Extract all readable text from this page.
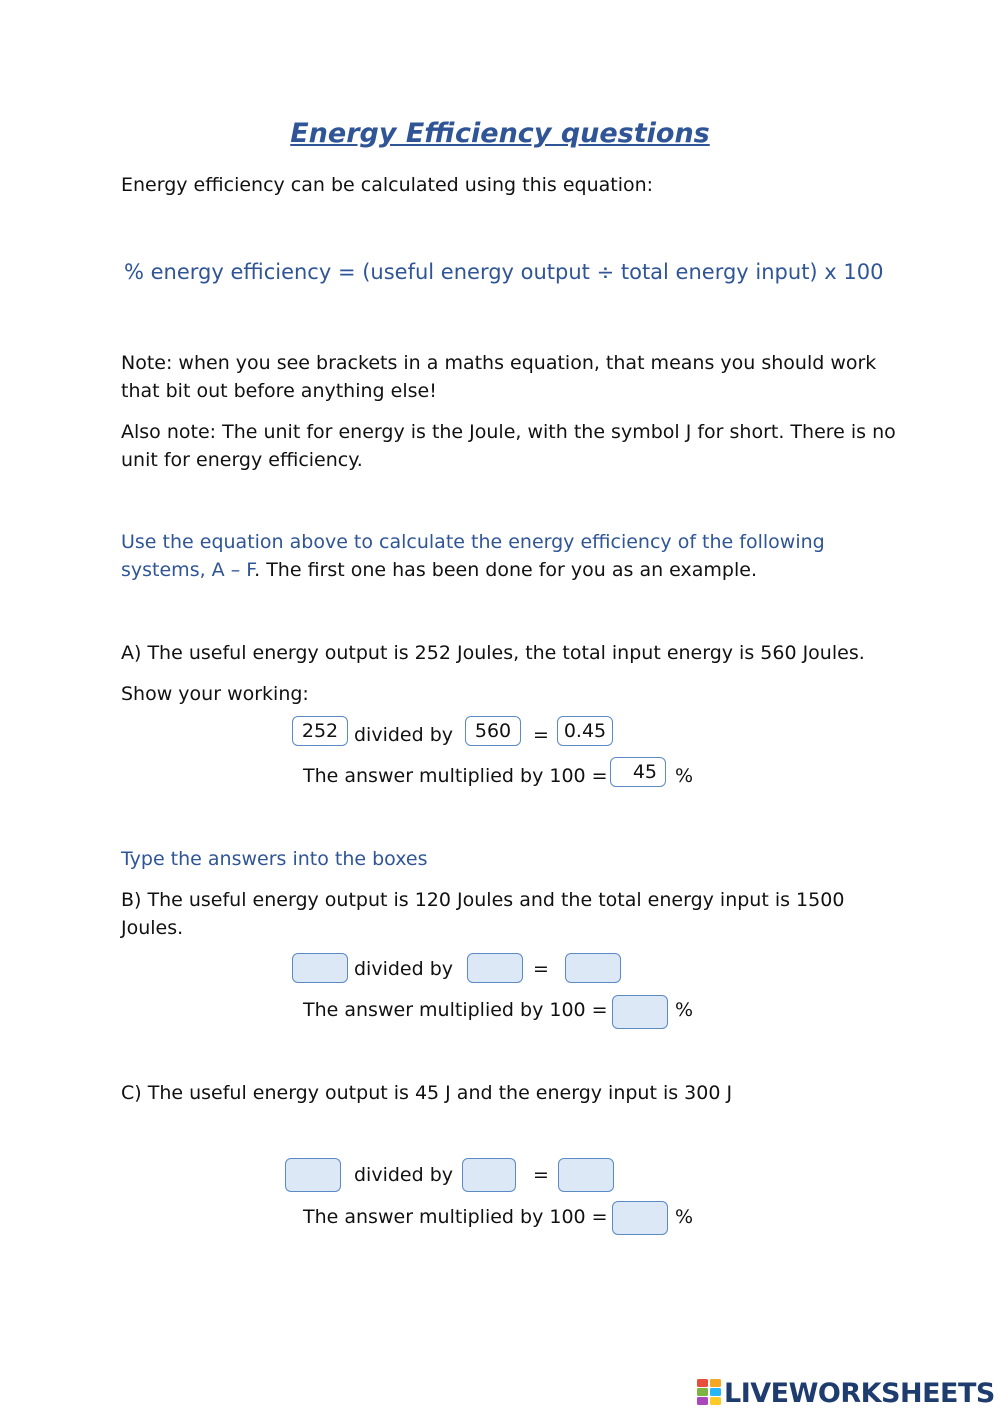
Energy Efficiency questions
Energy efficiency can be calculated using this equation:
% energy efficiency = (useful energy output ÷ total energy input) x 100
Note: when you see brackets in a maths equation, that means you should work that bit out before anything else!
Also note: The unit for energy is the Joule, with the symbol J for short. There is no unit for energy efficiency.
Use the equation above to calculate the energy efficiency of the following systems, A – F. The first one has been done for you as an example.
A) The useful energy output is 252 Joules, the total input energy is 560 Joules.
Show your working:
252 divided by	560	= 0.45
The answer multiplied by 100 =	45 %
Type the answers into the boxes
B) The useful energy output is 120 Joules and the total energy input is 1500 Joules.
divided by	=
The answer multiplied by 100 =	%
C) The useful energy output is 45 J and the energy input is 300 J
divided by	=
The answer multiplied by 100 =	%
LIVEWORKSHEETS
